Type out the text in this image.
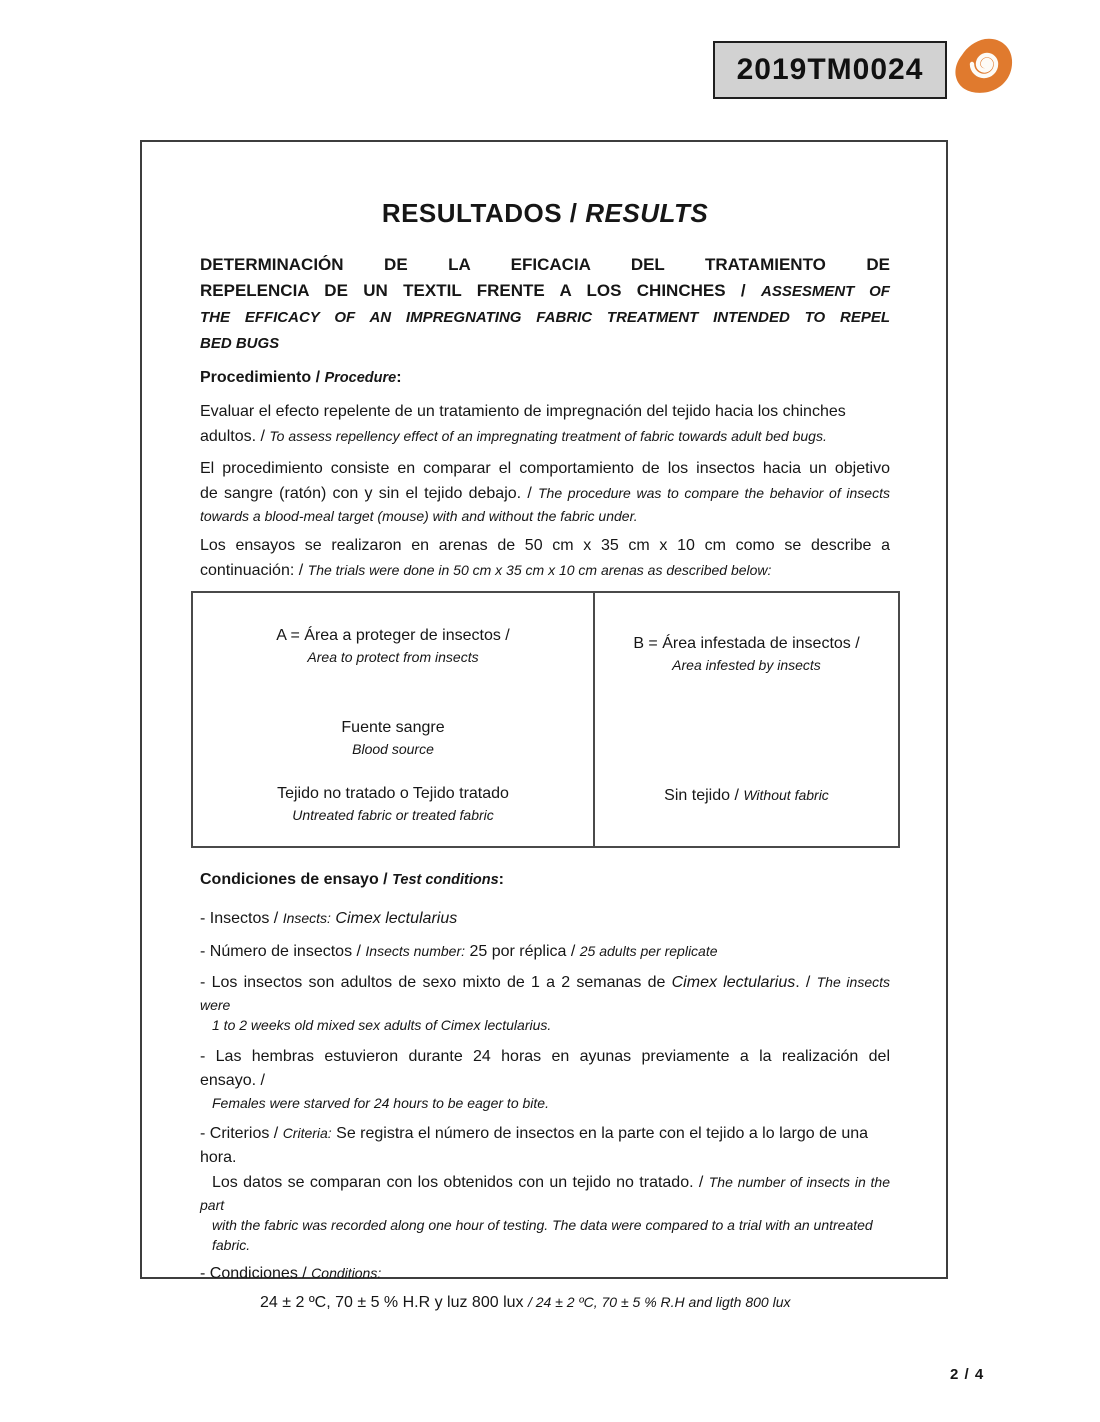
2019TM0024
RESULTADOS / RESULTS
DETERMINACIÓN DE LA EFICACIA DEL TRATAMIENTO DE
REPELENCIA DE UN TEXTIL FRENTE A LOS CHINCHES / ASSESMENT OF
THE EFFICACY OF AN IMPREGNATING FABRIC TREATMENT INTENDED TO REPEL
BED BUGS
Procedimiento / Procedure:
Evaluar el efecto repelente de un tratamiento de impregnación del tejido hacia los chinches
adultos. / To assess repellency effect of an impregnating treatment of fabric towards adult bed bugs.
El procedimiento consiste en comparar el comportamiento de los insectos hacia un objetivo
de sangre (ratón) con y sin el tejido debajo. / The procedure was to compare the behavior of insects
towards a blood-meal target (mouse) with and without the fabric under.
Los ensayos se realizaron en arenas de 50 cm x 35 cm x 10 cm como se describe a
continuación: / The trials were done in 50 cm x 35 cm x 10 cm arenas as described below:
A = Área a proteger de insectos /
Area to protect from insects
Fuente sangre
Blood source
Tejido no tratado o Tejido tratado
Untreated fabric or treated fabric
B = Área infestada de insectos /
Area infested by insects
Sin tejido / Without fabric
Condiciones de ensayo / Test conditions:
- Insectos / Insects: Cimex lectularius
- Número de insectos / Insects number: 25 por réplica / 25 adults per replicate
- Los insectos son adultos de sexo mixto de 1 a 2 semanas de Cimex lectularius. / The insects
were
1 to 2 weeks old mixed sex adults of Cimex lectularius.
- Las hembras estuvieron durante 24 horas en ayunas previamente a la realización del
ensayo. /
Females were starved for 24 hours to be eager to bite.
- Criterios / Criteria: Se registra el número de insectos en la parte con el tejido a lo largo de una
hora.
Los datos se comparan con los obtenidos con un tejido no tratado. / The number of insects in the
part
with the fabric was recorded along one hour of testing. The data were compared to a trial with an untreated fabric.
- Condiciones / Conditions:
24 ± 2 ºC, 70 ± 5 % H.R y luz 800 lux / 24 ± 2 ºC, 70 ± 5 % R.H and ligth 800 lux
2 / 4
